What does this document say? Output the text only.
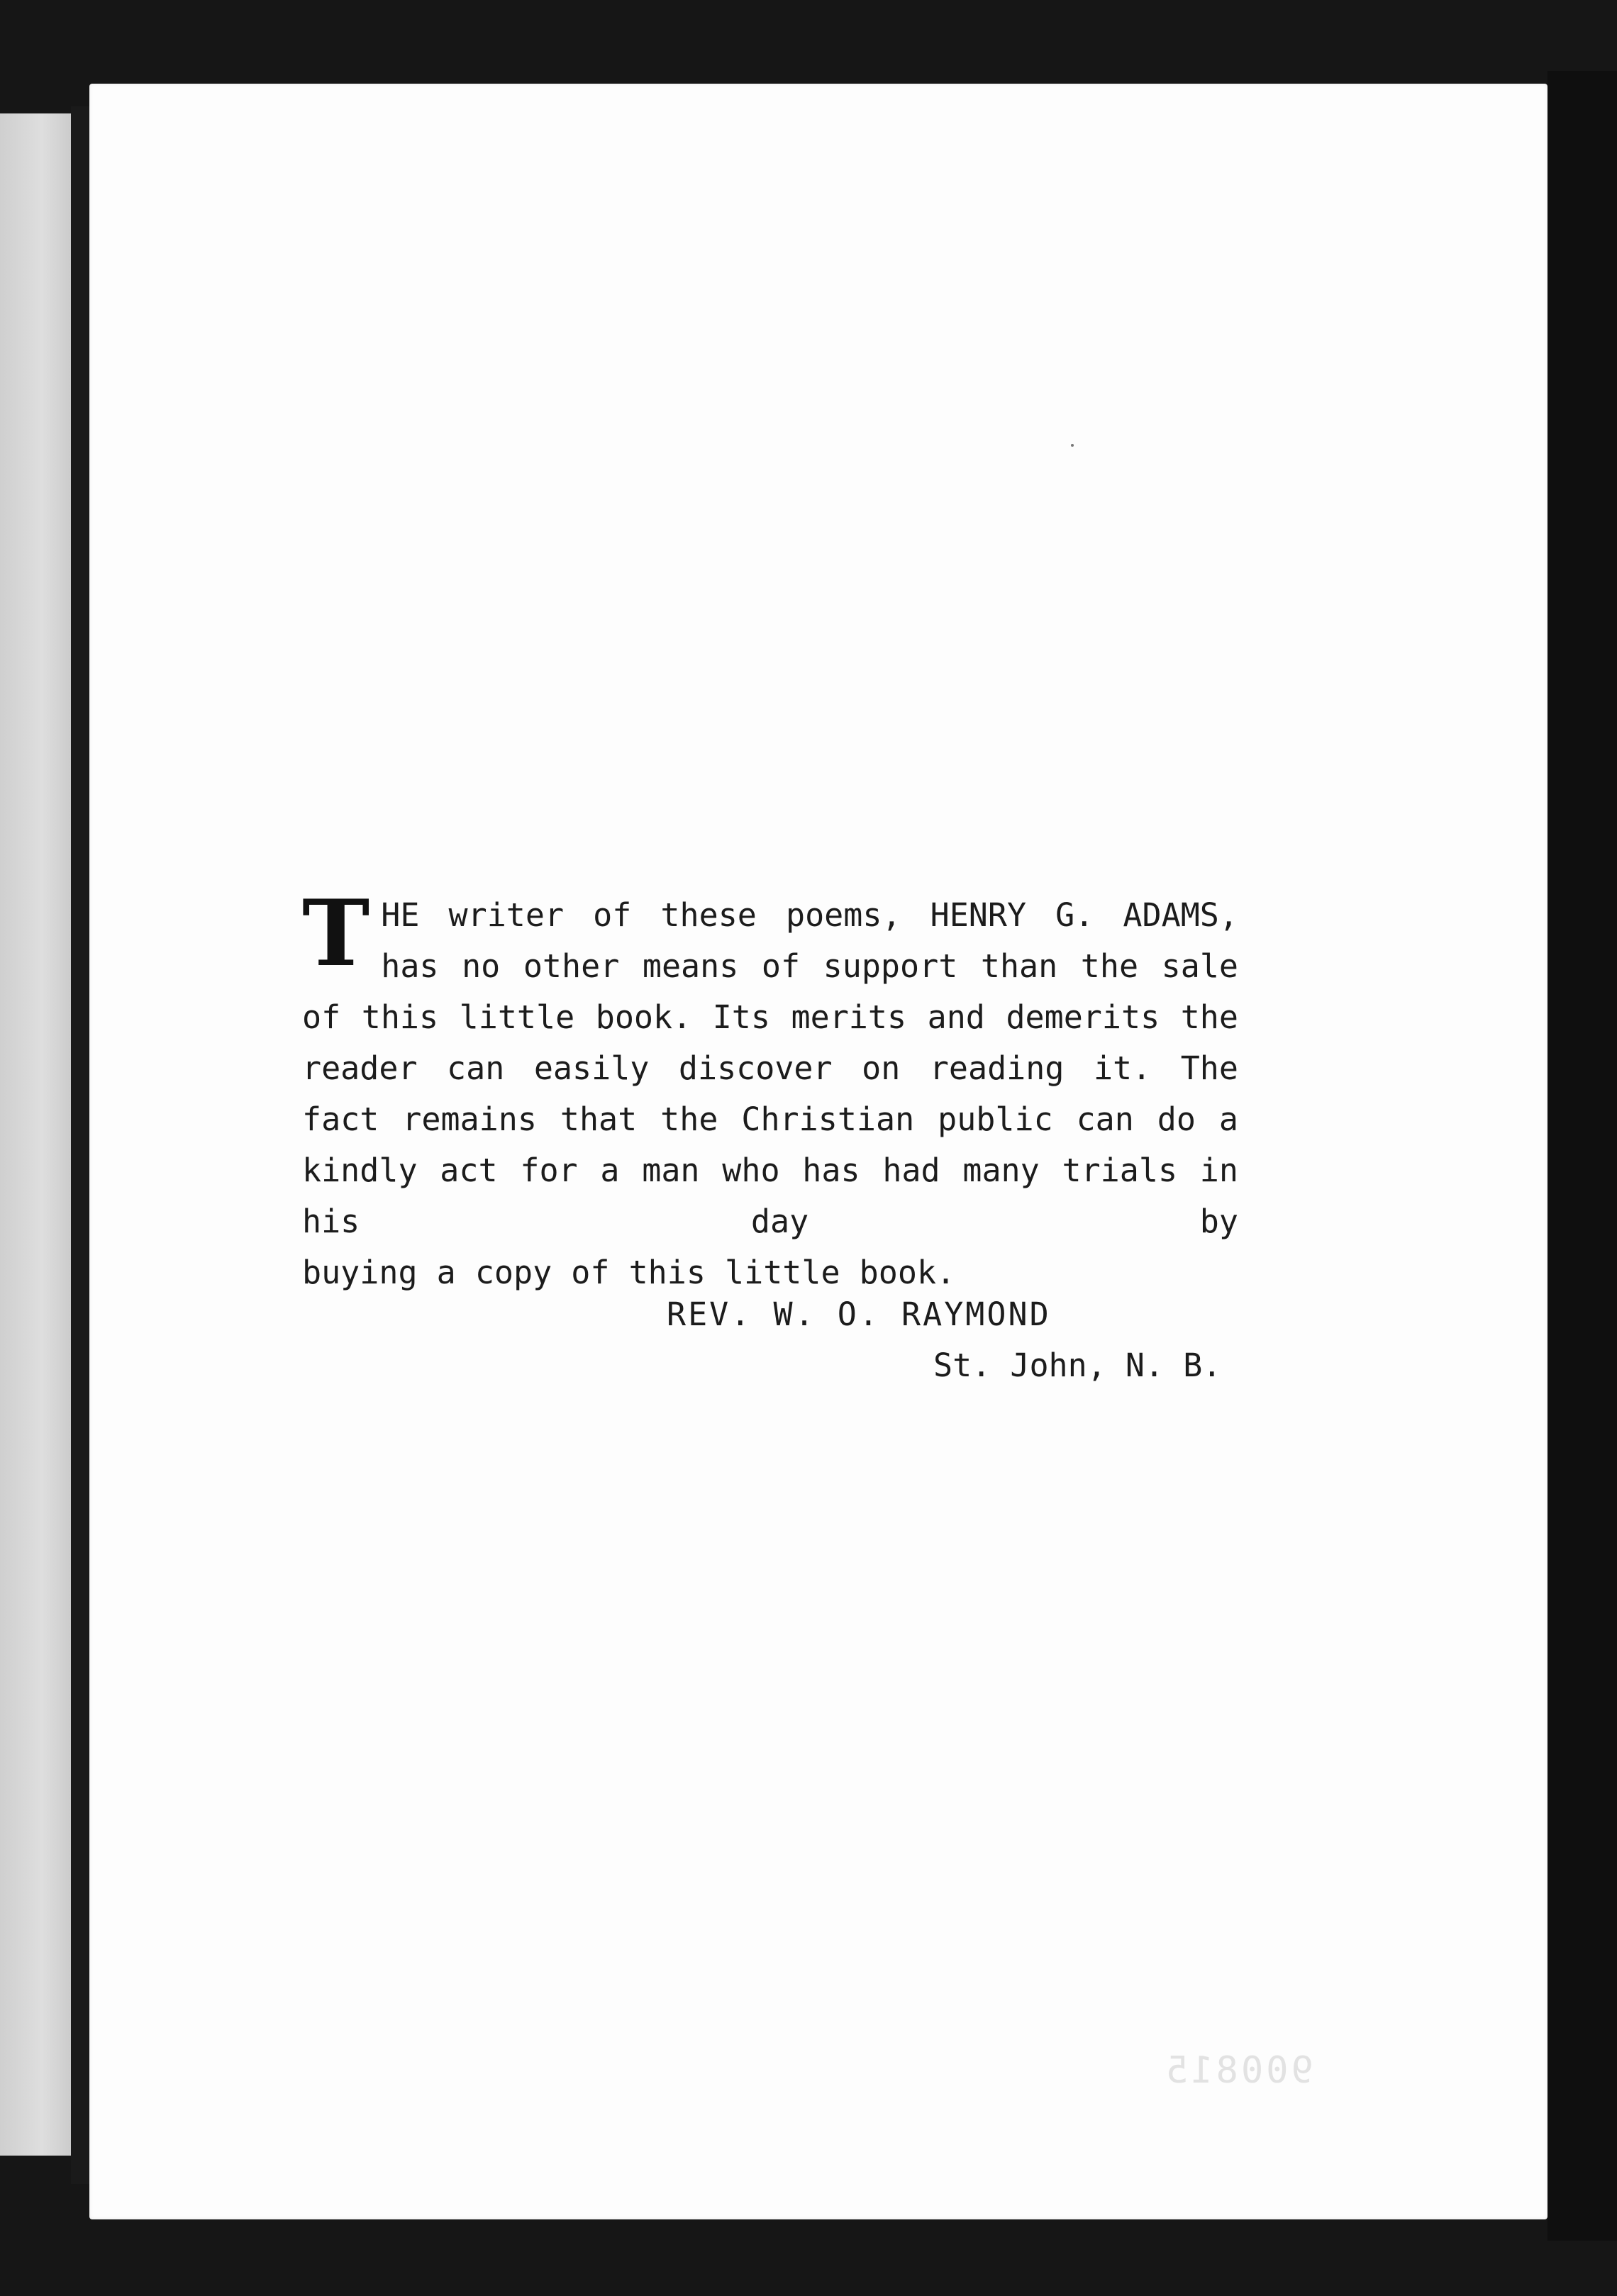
THE writer of these poems, HENRY G. ADAMS, has no other means of support than the sale of this little book. Its merits and demerits the reader can easily discover on reading it. The fact remains that the Christian public can do a kindly act for a man who has had many trials in his day by
buying a copy of this little book.

REV. W. O. RAYMOND
St. John, N. B.
900815
